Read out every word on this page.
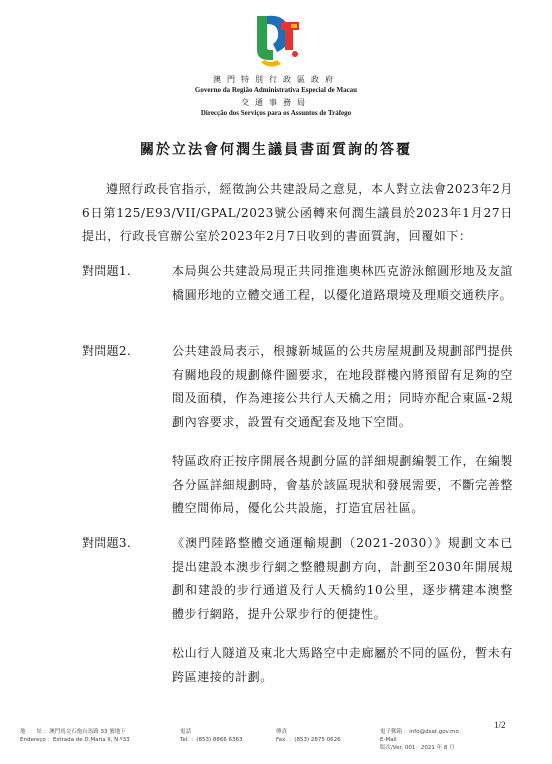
澳門特別行政區政府
Governo da Região Administrativa Especial de Macau
交通事務局
Direcção dos Serviços para os Assuntos de Tráfego
關於立法會何潤生議員書面質詢的答覆
遵照行政長官指示，經徵詢公共建設局之意見，本人對立法會2023年2月6日第125/E93/VII/GPAL/2023號公函轉來何潤生議員於2023年1月27日提出，行政長官辦公室於2023年2月7日收到的書面質詢，回覆如下：
對問題1.	本局與公共建設局現正共同推進奧林匹克游泳館圓形地及友誼橋圓形地的立體交通工程，以優化道路環境及理順交通秩序。

對問題2.	公共建設局表示，根據新城區的公共房屋規劃及規劃部門提供有關地段的規劃條件圖要求，在地段群樓內將預留有足夠的空間及面積，作為連接公共行人天橋之用；同時亦配合東區-2規劃內容要求，設置有交通配套及地下空間。

特區政府正按序開展各規劃分區的詳細規劃編製工作，在編製各分區詳細規劃時，會基於該區現狀和發展需要，不斷完善整體空間佈局，優化公共設施，打造宜居社區。

對問題3.	《澳門陸路整體交通運輸規劃（2021-2030）》規劃文本已提出建設本澳步行網之整體規劃方向，計劃至2030年開展規劃和建設的步行通道及行人天橋約10公里，逐步構建本澳整體步行網路，提升公眾步行的便捷性。

松山行人隧道及東北大馬路空中走廊屬於不同的區份，暫未有跨區連接的計劃。

1/2
地　　址 ：澳門馬交石炮台馬路 33 號地下
Endereço ：Estrada de D.Maria II, N.º33
電話
Tel. ：(853) 8866 6363
傳真
Fax. ：(853) 2875 0626
電子郵箱 ：info@dsat.gov.mo
E-Mail
版次/Ver. 001　2021 年 8 月
